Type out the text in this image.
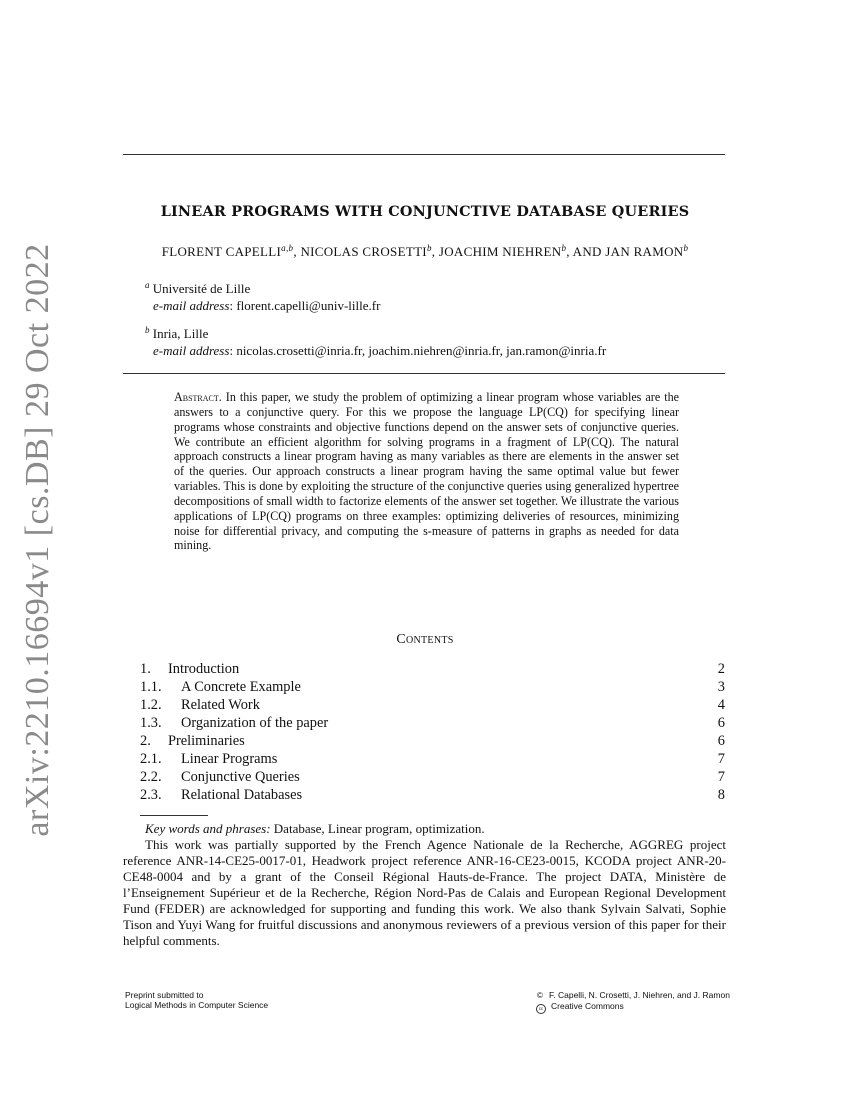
arXiv:2210.16694v1 [cs.DB] 29 Oct 2022
LINEAR PROGRAMS WITH CONJUNCTIVE DATABASE QUERIES
FLORENT CAPELLI$^{a,b}$, NICOLAS CROSETTI$^b$, JOACHIM NIEHREN$^b$, AND JAN RAMON$^b$
$^a$ Université de Lille
e-mail address: florent.capelli@univ-lille.fr
$^b$ Inria, Lille
e-mail address: nicolas.crosetti@inria.fr, joachim.niehren@inria.fr, jan.ramon@inria.fr
Abstract. In this paper, we study the problem of optimizing a linear program whose variables are the answers to a conjunctive query. For this we propose the language LP(CQ) for specifying linear programs whose constraints and objective functions depend on the answer sets of conjunctive queries. We contribute an efficient algorithm for solving programs in a fragment of LP(CQ). The natural approach constructs a linear program having as many variables as there are elements in the answer set of the queries. Our approach constructs a linear program having the same optimal value but fewer variables. This is done by exploiting the structure of the conjunctive queries using generalized hypertree decompositions of small width to factorize elements of the answer set together. We illustrate the various applications of LP(CQ) programs on three examples: optimizing deliveries of resources, minimizing noise for differential privacy, and computing the s-measure of patterns in graphs as needed for data mining.
Contents
1. Introduction	2
1.1. A Concrete Example	3
1.2. Related Work	4
1.3. Organization of the paper	6
2. Preliminaries	6
2.1. Linear Programs	7
2.2. Conjunctive Queries	7
2.3. Relational Databases	8

Key words and phrases: Database, Linear program, optimization.

This work was partially supported by the French Agence Nationale de la Recherche, AGGREG project reference ANR-14-CE25-0017-01, Headwork project reference ANR-16-CE23-0015, KCODA project ANR-20-CE48-0004 and by a grant of the Conseil Régional Hauts-de-France. The project DATA, Ministère de l’Enseignement Supérieur et de la Recherche, Région Nord-Pas de Calais and European Regional Development Fund (FEDER) are acknowledged for supporting and funding this work. We also thank Sylvain Salvati, Sophie Tison and Yuyi Wang for fruitful discussions and anonymous reviewers of a previous version of this paper for their helpful comments.

Preprint submitted to
Logical Methods in Computer Science
© F. Capelli, N. Crosetti, J. Niehren, and J. Ramon
cc Creative Commons
